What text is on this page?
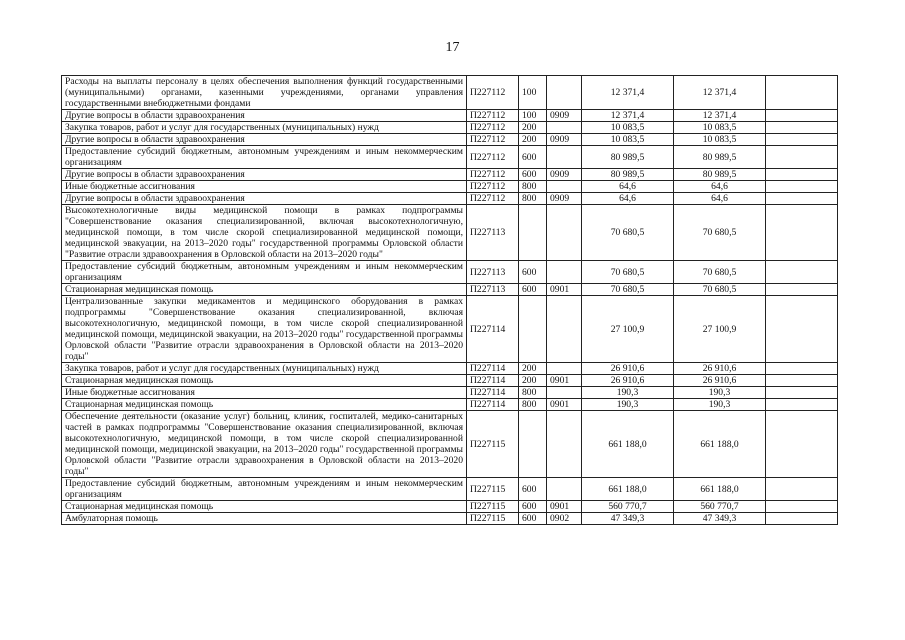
17
Расходы на выплаты персоналу в целях обеспечения выполнения функций государственными (муниципальными) органами, казенными учреждениями, органами управления государственными внебюджетными фондами	П227112	100		12 371,4	12 371,4	
Другие вопросы в области здравоохранения	П227112	100	0909	12 371,4	12 371,4	
Закупка товаров, работ и услуг для государственных (муниципальных) нужд	П227112	200		10 083,5	10 083,5	
Другие вопросы в области здравоохранения	П227112	200	0909	10 083,5	10 083,5	
Предоставление субсидий бюджетным, автономным учреждениям и иным некоммерческим организациям	П227112	600		80 989,5	80 989,5	
Другие вопросы в области здравоохранения	П227112	600	0909	80 989,5	80 989,5	
Иные бюджетные ассигнования	П227112	800		64,6	64,6	
Другие вопросы в области здравоохранения	П227112	800	0909	64,6	64,6	
Высокотехнологичные виды медицинской помощи в рамках подпрограммы "Совершенствование оказания специализированной, включая высокотехнологичную, медицинской помощи, в том числе скорой специализированной медицинской помощи, медицинской эвакуации, на 2013–2020 годы" государственной программы Орловской области "Развитие отрасли здравоохранения в Орловской области на 2013–2020 годы"	П227113			70 680,5	70 680,5	
Предоставление субсидий бюджетным, автономным учреждениям и иным некоммерческим организациям	П227113	600		70 680,5	70 680,5	
Стационарная медицинская помощь	П227113	600	0901	70 680,5	70 680,5	
Централизованные закупки медикаментов и медицинского оборудования в рамках подпрограммы "Совершенствование оказания специализированной, включая высокотехнологичную, медицинской помощи, в том числе скорой специализированной медицинской помощи, медицинской эвакуации, на 2013–2020 годы" государственной программы Орловской области "Развитие отрасли здравоохранения в Орловской области на 2013–2020 годы"	П227114			27 100,9	27 100,9	
Закупка товаров, работ и услуг для государственных (муниципальных) нужд	П227114	200		26 910,6	26 910,6	
Стационарная медицинская помощь	П227114	200	0901	26 910,6	26 910,6	
Иные бюджетные ассигнования	П227114	800		190,3	190,3	
Стационарная медицинская помощь	П227114	800	0901	190,3	190,3	
Обеспечение деятельности (оказание услуг) больниц, клиник, госпиталей, медико-санитарных частей в рамках подпрограммы "Совершенствование оказания специализированной, включая высокотехнологичную, медицинской помощи, в том числе скорой специализированной медицинской помощи, медицинской эвакуации, на 2013–2020 годы" государственной программы Орловской области "Развитие отрасли здравоохранения в Орловской области на 2013–2020 годы"	П227115			661 188,0	661 188,0	
Предоставление субсидий бюджетным, автономным учреждениям и иным некоммерческим организациям	П227115	600		661 188,0	661 188,0	
Стационарная медицинская помощь	П227115	600	0901	560 770,7	560 770,7	
Амбулаторная помощь	П227115	600	0902	47 349,3	47 349,3	
